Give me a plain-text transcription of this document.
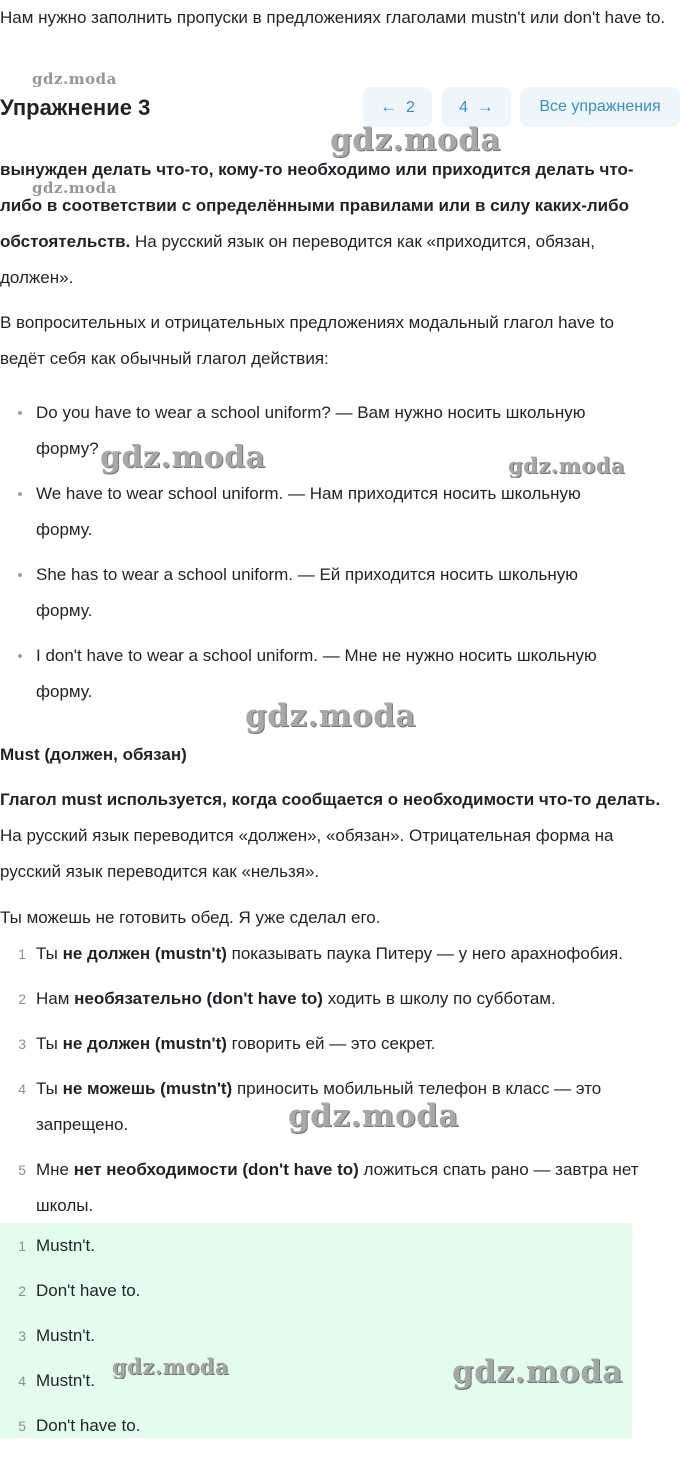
Нам нужно заполнить пропуски в предложениях глаголами mustn't или don't have to.
Упражнение 3	← 2	4 →	Все упражнения
вынужден делать что-то, кому-то необходимо или приходится делать что-
либо в соответствии с определёнными правилами или в силу каких-либо
обстоятельств. На русский язык он переводится как «приходится, обязан,
должен».
В вопросительных и отрицательных предложениях модальный глагол have to
ведёт себя как обычный глагол действия:
Do you have to wear a school uniform? — Вам нужно носить школьную
форму?
We have to wear school uniform. — Нам приходится носить школьную
форму.
She has to wear a school uniform. — Ей приходится носить школьную
форму.
I don't have to wear a school uniform. — Мне не нужно носить школьную
форму.
Must (должен, обязан)
Глагол must используется, когда сообщается о необходимости что-то делать.
На русский язык переводится «должен», «обязан». Отрицательная форма на
русский язык переводится как «нельзя».
Ты можешь не готовить обед. Я уже сделал его.
1 Ты не должен (mustn't) показывать паука Питеру — у него арахнофобия.
2 Нам необязательно (don't have to) ходить в школу по субботам.
3 Ты не должен (mustn't) говорить ей — это секрет.
4 Ты не можешь (mustn't) приносить мобильный телефон в класс — это
запрещено.
5 Мне нет необходимости (don't have to) ложиться спать рано — завтра нет
школы.
1 Mustn't.
2 Don't have to.
3 Mustn't.
4 Mustn't.
5 Don't have to.
gdz.moda
gdz.moda
gdz.moda
gdz.moda	gdz.moda
gdz.moda
gdz.moda
gdz.moda	gdz.moda
